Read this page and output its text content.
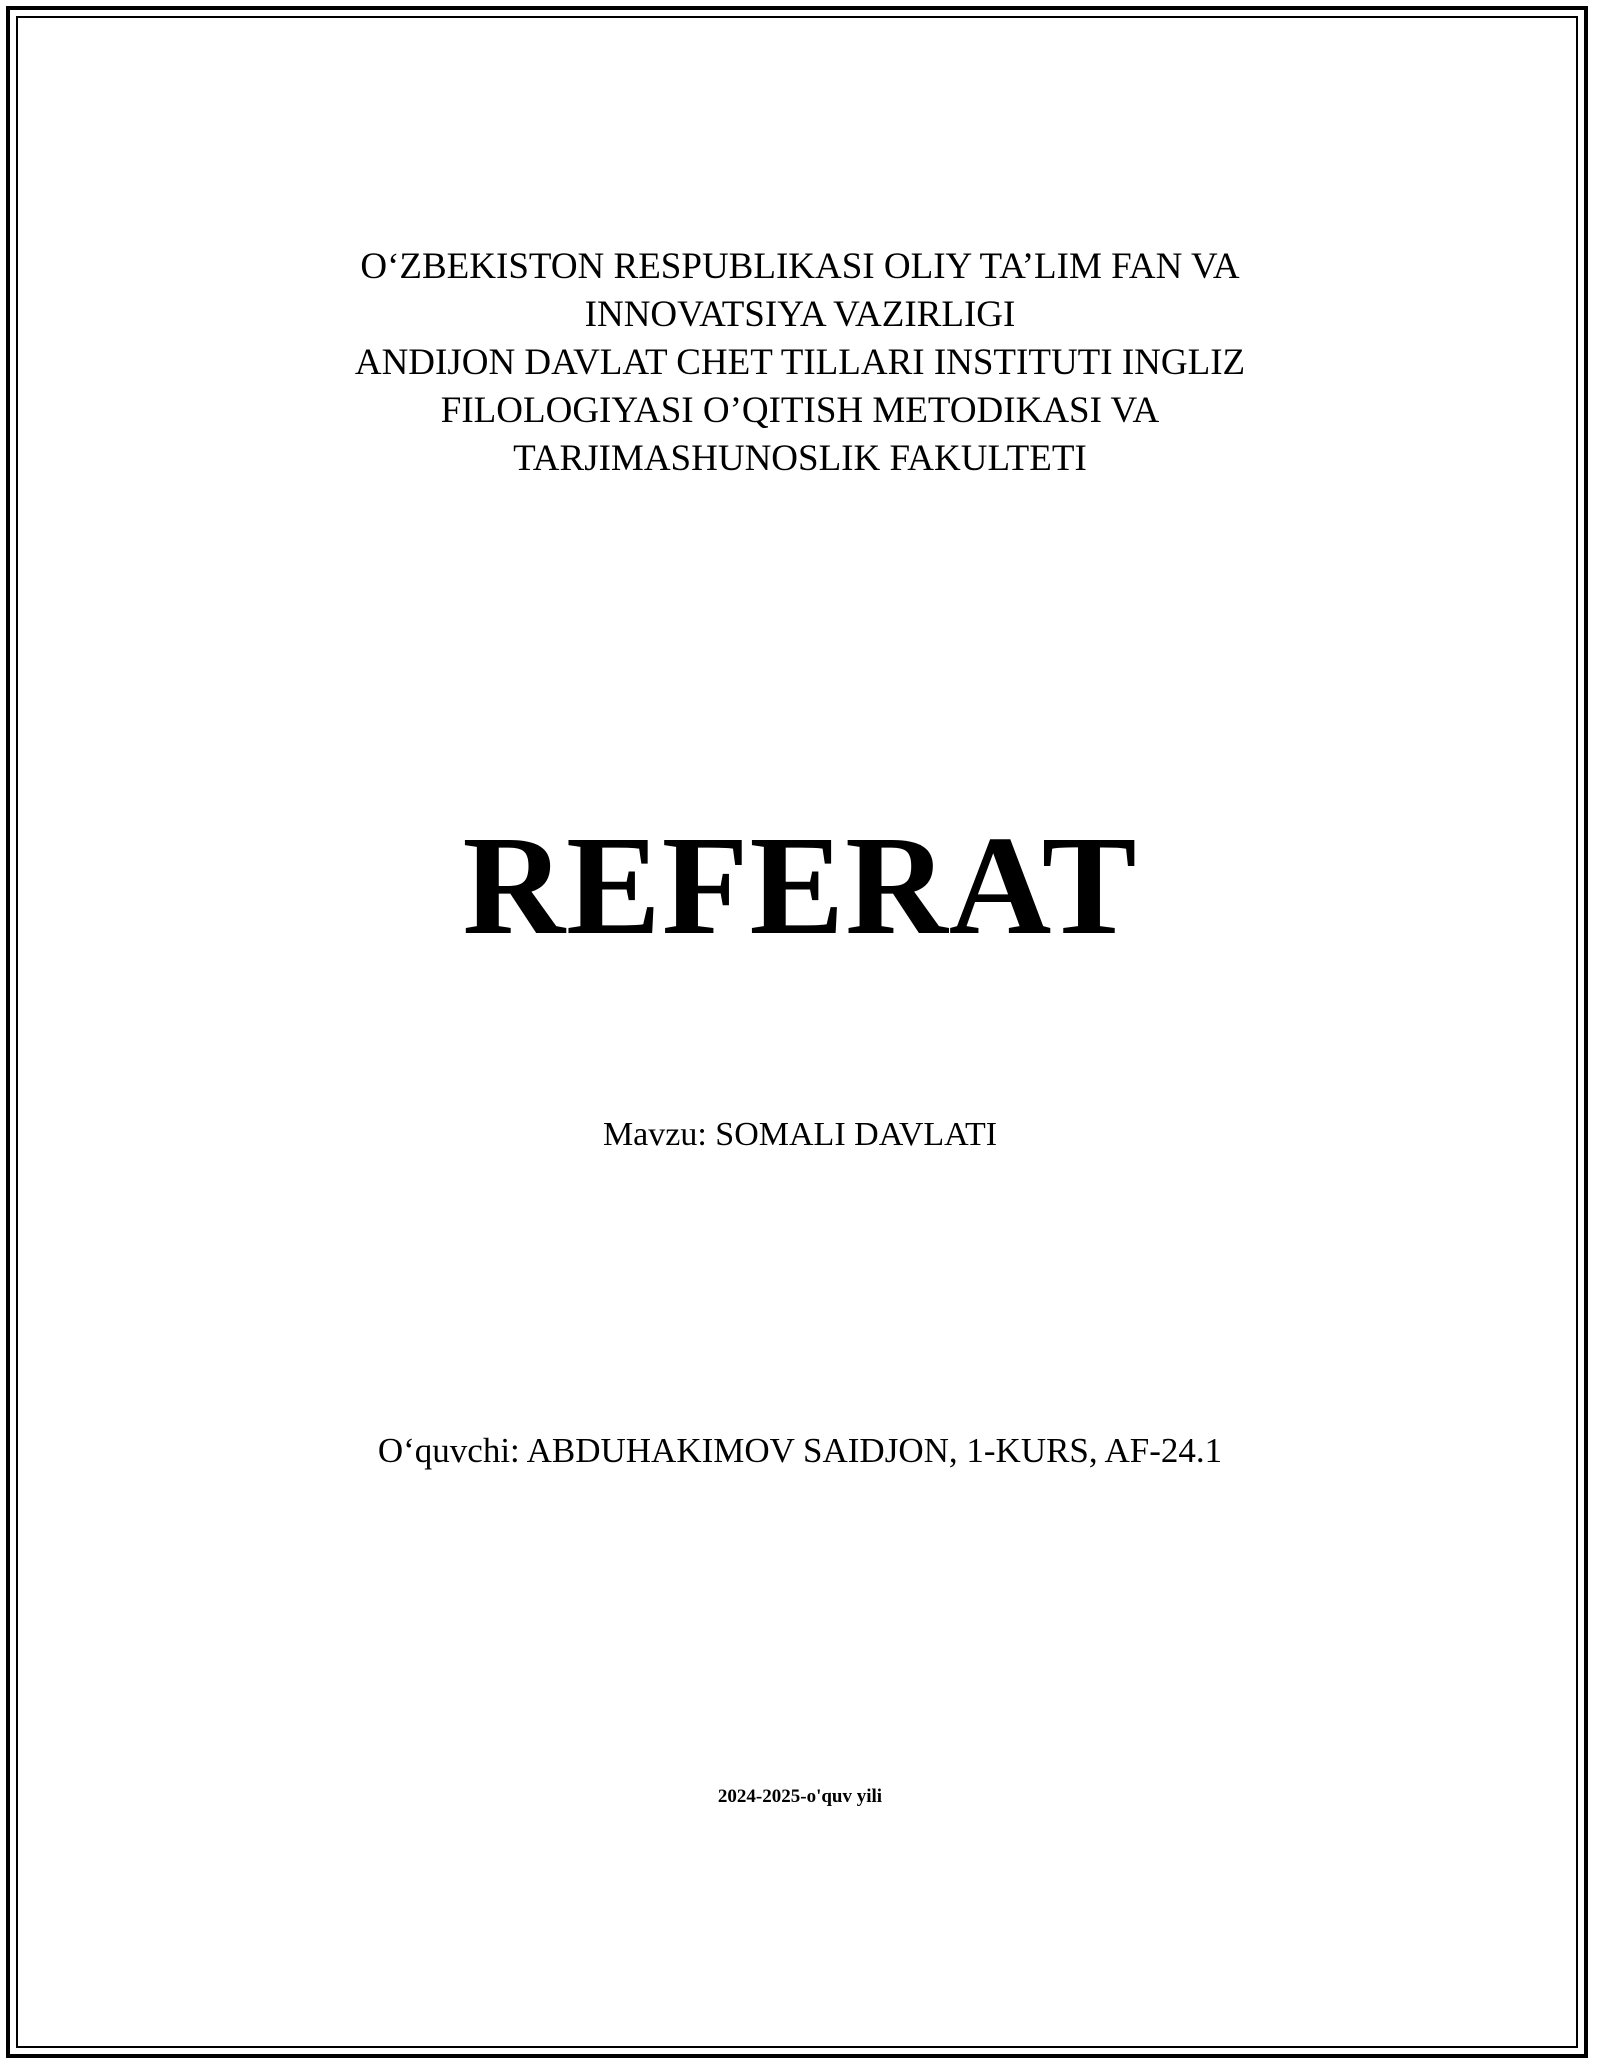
O‘ZBEKISTON RESPUBLIKASI OLIY TA’LIM FAN VA
INNOVATSIYA VAZIRLIGI
ANDIJON DAVLAT CHET TILLARI INSTITUTI INGLIZ
FILOLOGIYASI O’QITISH METODIKASI VA
TARJIMASHUNOSLIK FAKULTETI
REFERAT
Mavzu: SOMALI DAVLATI
O‘quvchi: ABDUHAKIMOV SAIDJON, 1-KURS, AF-24.1
2024-2025-o'quv yili
